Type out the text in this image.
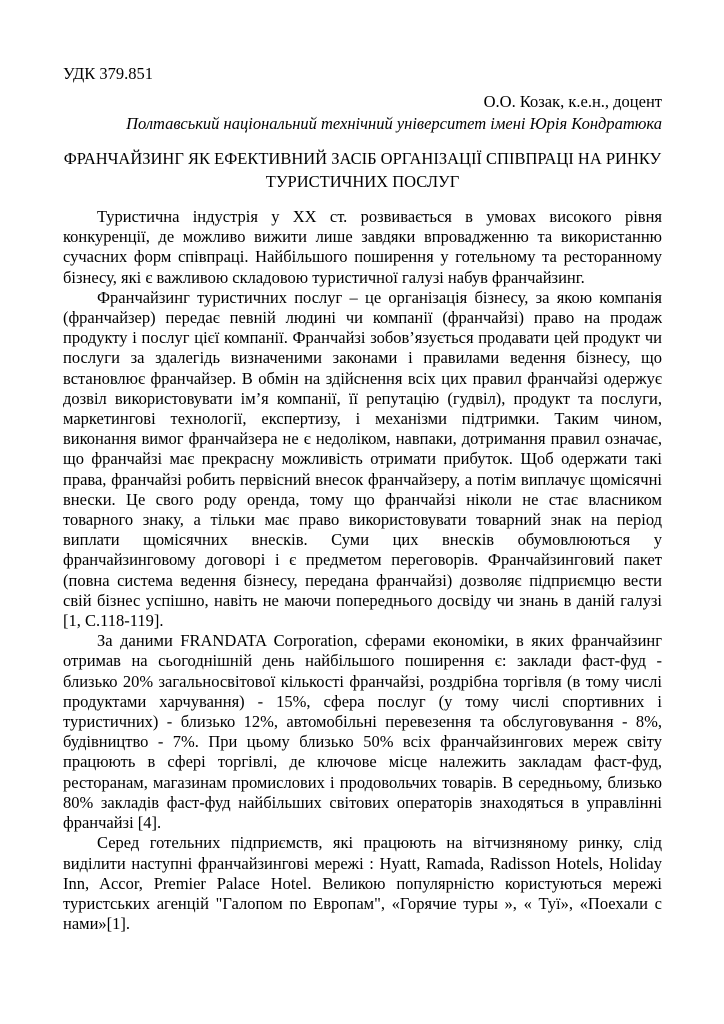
УДК 379.851
О.О. Козак, к.е.н., доцент
Полтавський національний технічний університет імені Юрія Кондратюка
ФРАНЧАЙЗИНГ ЯК ЕФЕКТИВНИЙ ЗАСІБ ОРГАНІЗАЦІЇ СПІВПРАЦІ НА РИНКУ ТУРИСТИЧНИХ ПОСЛУГ

Туристична індустрія у XX ст. розвивається в умовах високого рівня конкуренції, де можливо вижити лише завдяки впровадженню та використанню сучасних форм співпраці. Найбільшого поширення у готельному та ресторанному бізнесу, які є важливою складовою туристичної галузі набув франчайзинг.

Франчайзинг туристичних послуг – це організація бізнесу, за якою компанія (франчайзер) передає певній людині чи компанії (франчайзі) право на продаж продукту і послуг цієї компанії. Франчайзі зобов’язується продавати цей продукт чи послуги за здалегідь визначеними законами і правилами ведення бізнесу, що встановлює франчайзер. В обмін на здійснення всіх цих правил франчайзі одержує дозвіл використовувати ім’я компанії, її репутацію (гудвіл), продукт та послуги, маркетингові технології, експертизу, і механізми підтримки. Таким чином, виконання вимог франчайзера не є недоліком, навпаки, дотримання правил означає, що франчайзі має прекрасну можливість отримати прибуток. Щоб одержати такі права, франчайзі робить первісний внесок франчайзеру, а потім виплачує щомісячні внески. Це свого роду оренда, тому що франчайзі ніколи не стає власником товарного знаку, а тільки має право використовувати товарний знак на період виплати щомісячних внесків. Суми цих внесків обумовлюються у франчайзинговому договорі і є предметом переговорів. Франчайзинговий пакет (повна система ведення бізнесу, передана франчайзі) дозволяє підприємцю вести свій бізнес успішно, навіть не маючи попереднього досвіду чи знань в даній галузі [1, С.118-119].

За даними FRANDATA Corporation, сферами економіки, в яких франчайзинг отримав на сьогоднішній день найбільшого поширення є: заклади фаст-фуд - близько 20% загальносвітової кількості франчайзі, роздрібна торгівля (в тому числі продуктами харчування) - 15%, сфера послуг (у тому числі спортивних і туристичних) - близько 12%, автомобільні перевезення та обслуговування - 8%, будівництво - 7%. При цьому близько 50% всіх франчайзингових мереж світу працюють в сфері торгівлі, де ключове місце належить закладам фаст-фуд, ресторанам, магазинам промислових і продовольчих товарів. В середньому, близько 80% закладів фаст-фуд найбільших світових операторів знаходяться в управлінні франчайзі [4].

Серед готельних підприємств, які працюють на вітчизняному ринку, слід виділити наступні франчайзингові мережі : Hyatt, Ramada, Radisson Hotels, Holiday Inn, Accor, Premier Palace Hotel. Великою популярністю користуються мережі туристських агенцій "Галопом по Европам", «Горячие туры », « Туї», «Поехали с нами»[1].
